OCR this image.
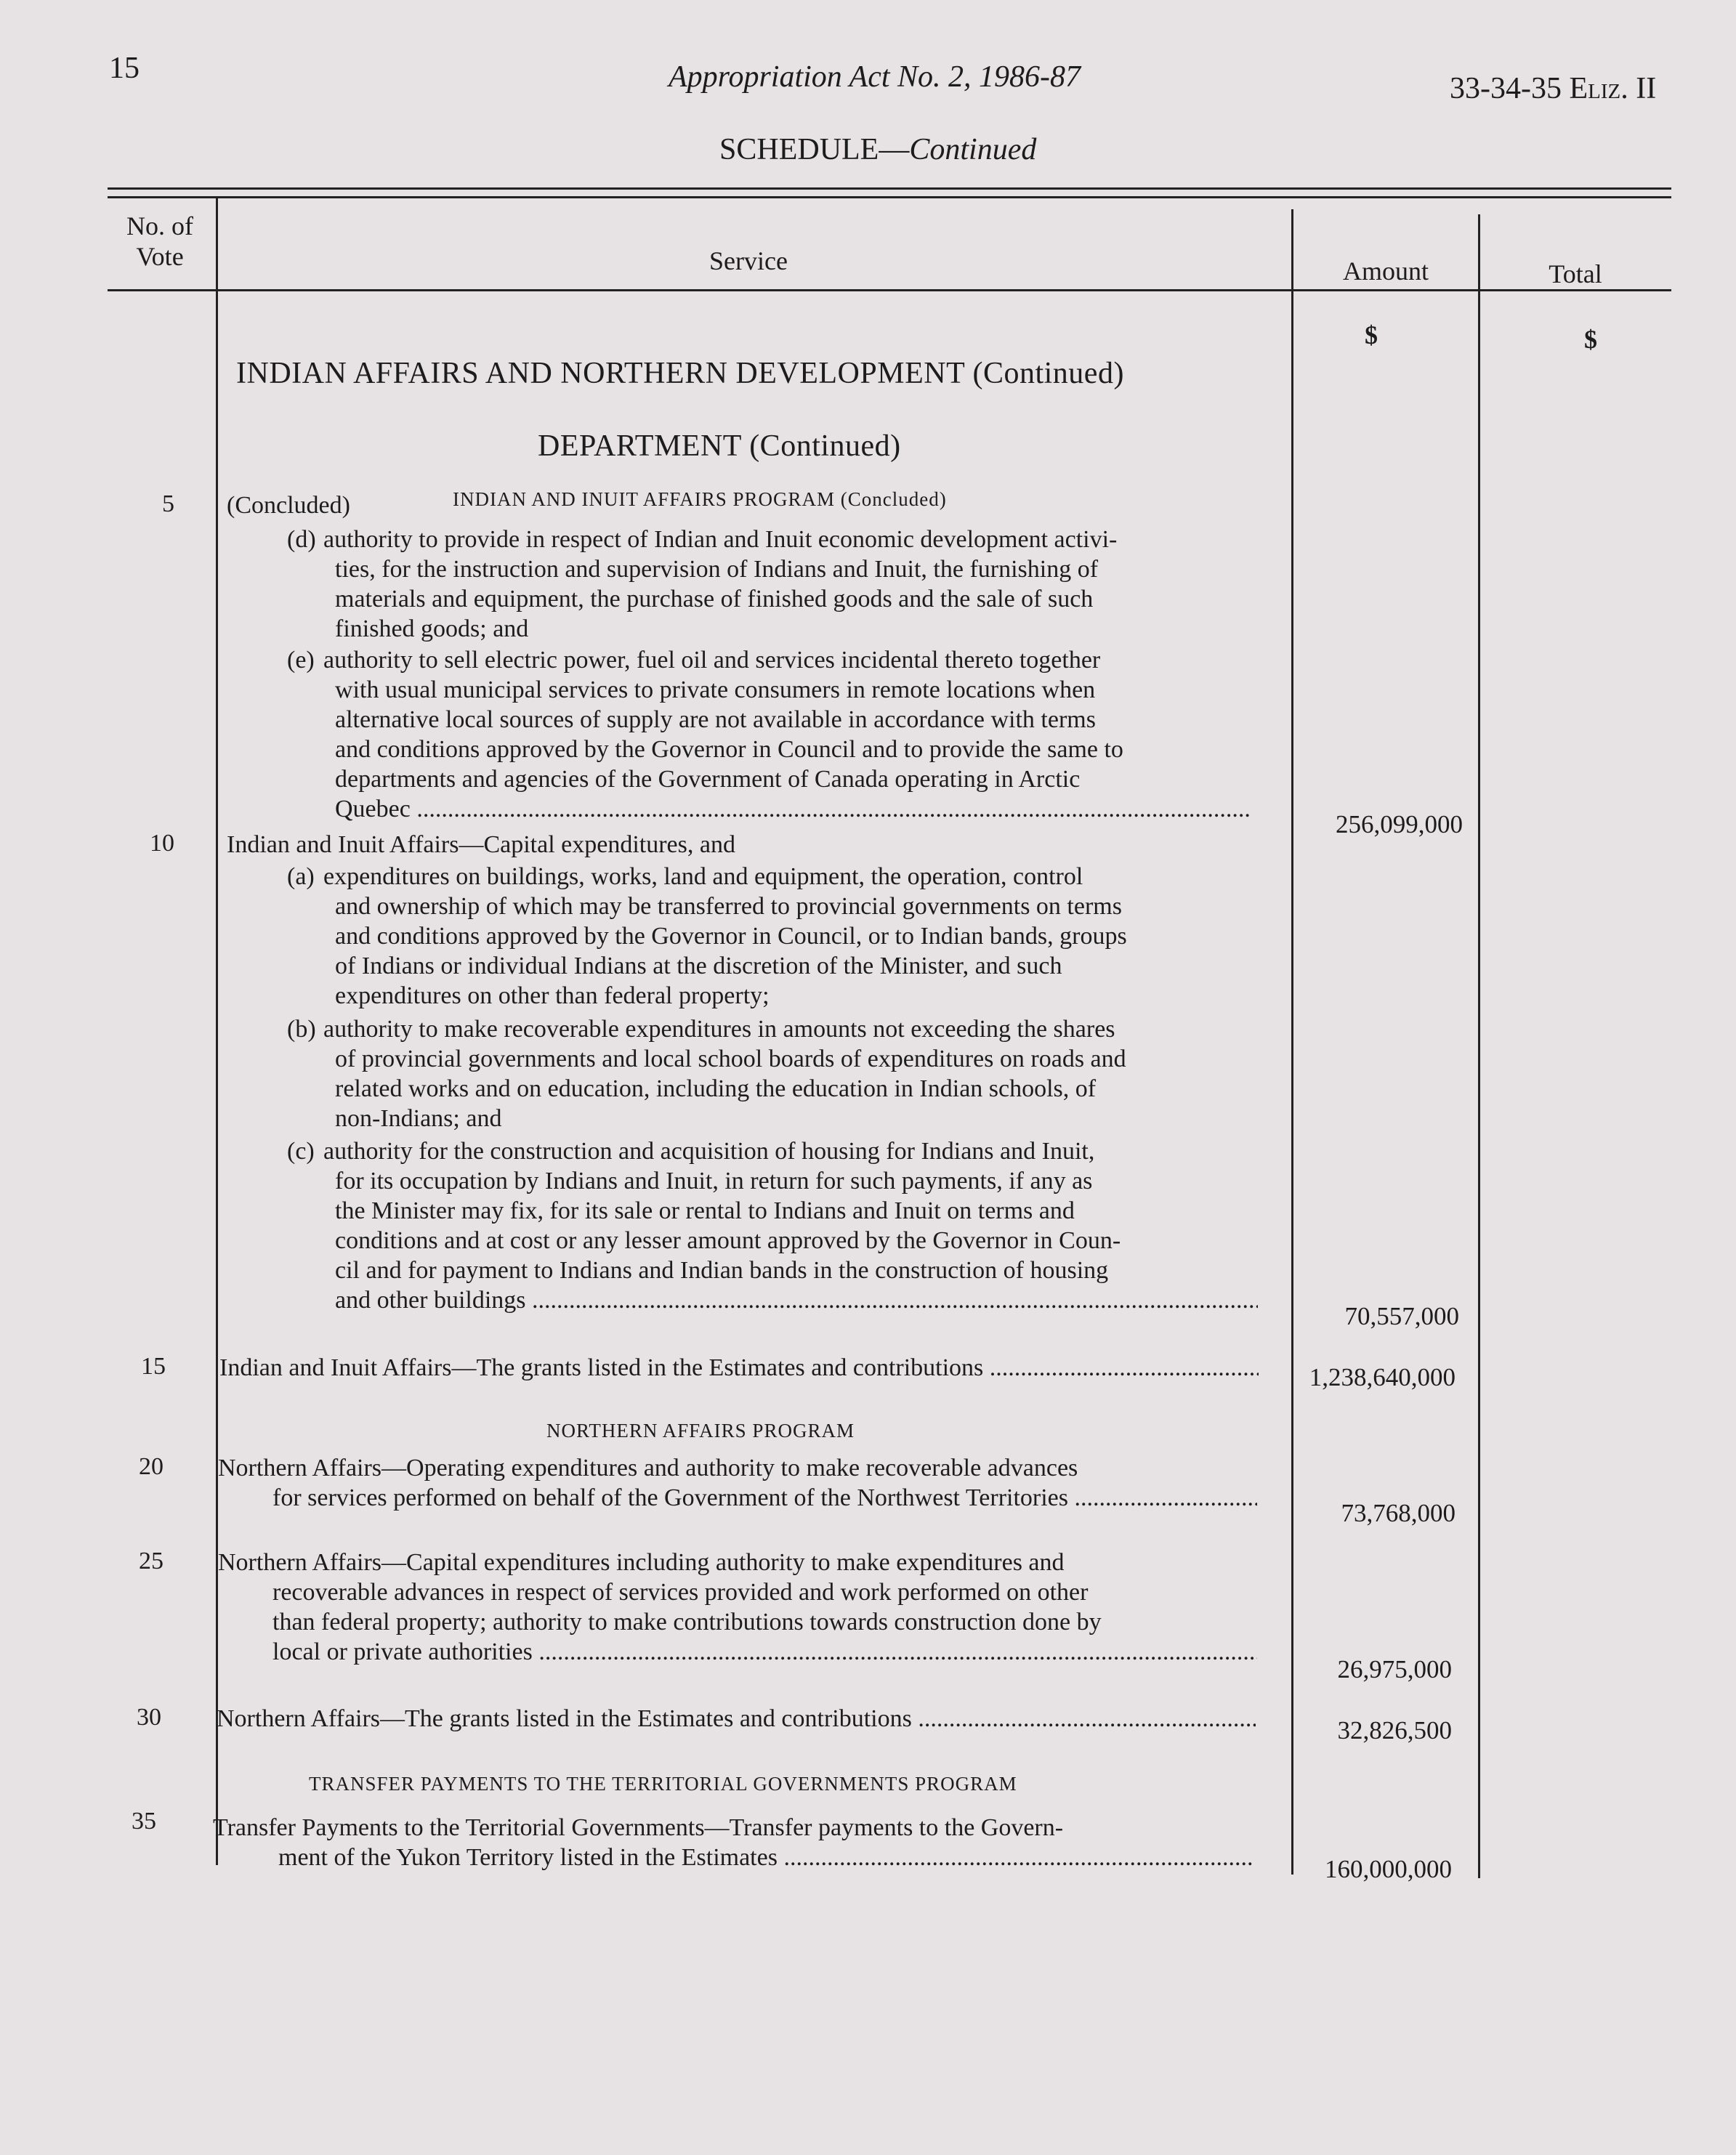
15	Appropriation Act No. 2, 1986-87	33-34-35 Eliz. II
SCHEDULE—Continued
No. of
Vote	Service	Amount	Total
$	$
INDIAN AFFAIRS AND NORTHERN DEVELOPMENT (Continued)
DEPARTMENT (Continued)
5 (Concluded)	INDIAN AND INUIT AFFAIRS PROGRAM (Concluded)
(d) authority to provide in respect of Indian and Inuit economic development activi-
ties, for the instruction and supervision of Indians and Inuit, the furnishing of
materials and equipment, the purchase of finished goods and the sale of such
finished goods; and
(e) authority to sell electric power, fuel oil and services incidental thereto together
with usual municipal services to private consumers in remote locations when
alternative local sources of supply are not available in accordance with terms
and conditions approved by the Governor in Council and to provide the same to
departments and agencies of the Government of Canada operating in Arctic
Quebec .....
256,099,000
10 Indian and Inuit Affairs—Capital expenditures, and
(a) expenditures on buildings, works, land and equipment, the operation, control
and ownership of which may be transferred to provincial governments on terms
and conditions approved by the Governor in Council, or to Indian bands, groups
of Indians or individual Indians at the discretion of the Minister, and such
expenditures on other than federal property;
(b) authority to make recoverable expenditures in amounts not exceeding the shares
of provincial governments and local school boards of expenditures on roads and
related works and on education, including the education in Indian schools, of
non-Indians; and
(c) authority for the construction and acquisition of housing for Indians and Inuit,
for its occupation by Indians and Inuit, in return for such payments, if any as
the Minister may fix, for its sale or rental to Indians and Inuit on terms and
conditions and at cost or any lesser amount approved by the Governor in Coun-
cil and for payment to Indians and Indian bands in the construction of housing
and other buildings .....
70,557,000
15 Indian and Inuit Affairs—The grants listed in the Estimates and contributions .....	1,238,640,000
NORTHERN AFFAIRS PROGRAM
20 Northern Affairs—Operating expenditures and authority to make recoverable advances
for services performed on behalf of the Government of the Northwest Territories .....
73,768,000
25 Northern Affairs—Capital expenditures including authority to make expenditures and
recoverable advances in respect of services provided and work performed on other
than federal property; authority to make contributions towards construction done by
local or private authorities .....
26,975,000
30 Northern Affairs—The grants listed in the Estimates and contributions .....	32,826,500
TRANSFER PAYMENTS TO THE TERRITORIAL GOVERNMENTS PROGRAM
35 Transfer Payments to the Territorial Governments—Transfer payments to the Govern-
ment of the Yukon Territory listed in the Estimates .....	160,000,000
